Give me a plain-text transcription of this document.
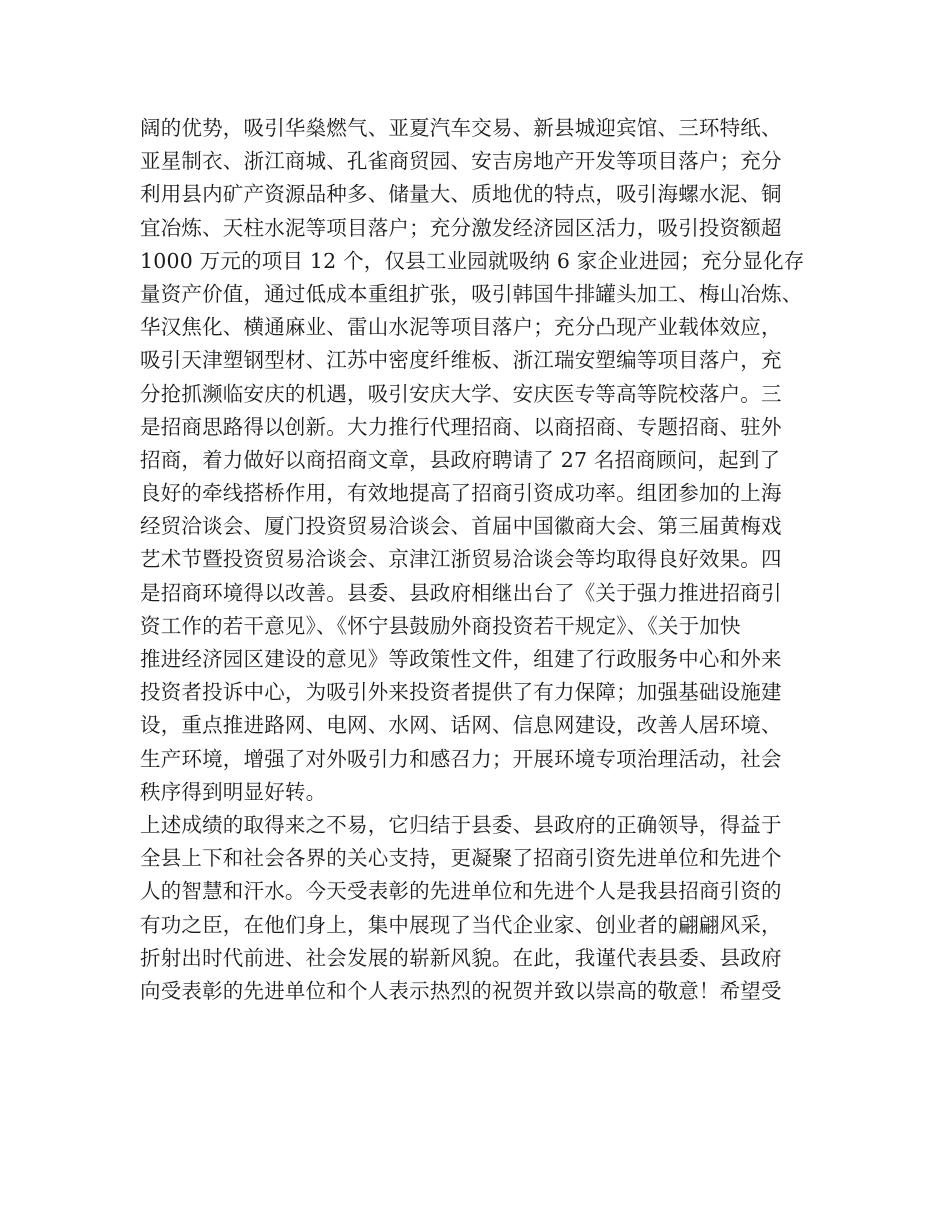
阔的优势，吸引华燊燃气、亚夏汽车交易、新县城迎宾馆、三环特纸、
亚星制衣、浙江商城、孔雀商贸园、安吉房地产开发等项目落户；充分
利用县内矿产资源品种多、储量大、质地优的特点，吸引海螺水泥、铜
宜冶炼、天柱水泥等项目落户；充分激发经济园区活力，吸引投资额超
1000 万元的项目 12 个，仅县工业园就吸纳 6 家企业进园；充分显化存
量资产价值，通过低成本重组扩张，吸引韩国牛排罐头加工、梅山冶炼、
华汉焦化、横通麻业、雷山水泥等项目落户；充分凸现产业载体效应，
吸引天津塑钢型材、江苏中密度纤维板、浙江瑞安塑编等项目落户，充
分抢抓濒临安庆的机遇，吸引安庆大学、安庆医专等高等院校落户。三
是招商思路得以创新。大力推行代理招商、以商招商、专题招商、驻外
招商，着力做好以商招商文章，县政府聘请了 27 名招商顾问，起到了
良好的牵线搭桥作用，有效地提高了招商引资成功率。组团参加的上海
经贸洽谈会、厦门投资贸易洽谈会、首届中国徽商大会、第三届黄梅戏
艺术节暨投资贸易洽谈会、京津江浙贸易洽谈会等均取得良好效果。四
是招商环境得以改善。县委、县政府相继出台了《关于强力推进招商引
资工作的若干意见》、《怀宁县鼓励外商投资若干规定》、《关于加快
推进经济园区建设的意见》等政策性文件，组建了行政服务中心和外来
投资者投诉中心，为吸引外来投资者提供了有力保障；加强基础设施建
设，重点推进路网、电网、水网、话网、信息网建设，改善人居环境、
生产环境，增强了对外吸引力和感召力；开展环境专项治理活动，社会
秩序得到明显好转。
上述成绩的取得来之不易，它归结于县委、县政府的正确领导，得益于
全县上下和社会各界的关心支持，更凝聚了招商引资先进单位和先进个
人的智慧和汗水。今天受表彰的先进单位和先进个人是我县招商引资的
有功之臣，在他们身上，集中展现了当代企业家、创业者的翩翩风采，
折射出时代前进、社会发展的崭新风貌。在此，我谨代表县委、县政府
向受表彰的先进单位和个人表示热烈的祝贺并致以崇高的敬意！希望受
